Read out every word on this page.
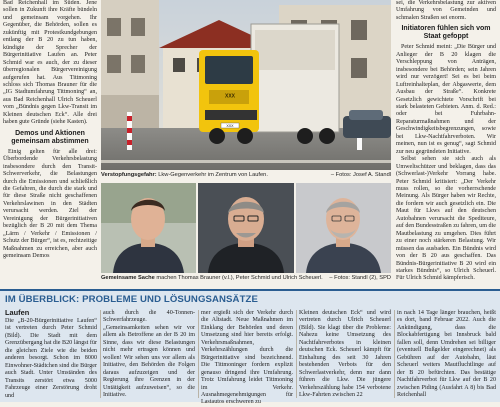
Bad Reichenhall im Süden. Jene sollen in Zukunft ihre Kräfte bündeln und gemeinsam vorgehen. Ihr Gegenüber, die Behörden, sollen es zukünftig mit Protestkundgebungen entlang der B 20 zu tun haben, kündigte der Sprecher der Bürgerinitiative Laufen an. Peter Schmid war es auch, der zu dieser überregionalen Bürgervereinigung aufgerufen hat. Aus Tittmoning schloss sich Thomas Brauner für die „IG Stadtumfahrung Tittmoning“ an, aus Bad Reichenhall Ulrich Scheuerl vom „Bündnis gegen Lkw-Transit im Kleinen deutschen Eck“. Alle drei haben gute Gründe (siehe Kasten).

Demos und Aktionen gemeinsam abstimmen

Einig gelten für alle drei: Überbordende Verkehrsbelastung insbesondere durch den Transit-Schwerverkehr, die Belastungen durch die Emissionen und schließlich die Gefahren, die durch die stark und für diese Straße nicht geschaffenen Verkehrslawinen in den Städten verursacht werden. Ziel der Vereinigung der Bürgerinitiativen bezüglich der B 20 mit dem Thema „Lärm / Verkehr / Emissionen / Schutz der Bürger“, ist es, rechtzeitige Maßnahmen zu erreichen, aber auch gemeinsam Demos

XXX
XXX
Verstopfungsgefahr: Lkw-Gegenverkehr im Zentrum von Laufen.	– Fotos: Josef A. Standl
Gemeinsame Sache machen Thomas Brauner (v.l.), Peter Schmid und Ulrich Scheuerl. – Fotos: Standl (2), SPD

sei, die Verkehrsbelastung zur aktiven Umfahrung von Gemeinden und schmalen Straßen sei enorm.

Initiatoren fühlen sich vom Staat gefoppt

Peter Schmid meint: „Die Bürger und Anlieger der B 20 klagen die Verschleppung von Anträgen, insbesondere bei Behörden; sein Jahren wird nur verzögert! Sei es bei beim Luftreinhalteplan, der Abgaswerte, dem Ausbau der Straße“. Konkrete Gesetzlich gewichtete Vorschrift bei stark belasteten Gebieten. Anm. d. Red.: oder bei Fuhrbahn-Reparaturmaßnahmen und der Geschwindigkeitsbegrenzungen, sowie bei Lkw-Nachtfahrverboten. Wir meinen, nun ist es genug“, sagt Schmid zur neu gegründeten Initiative.

Selbst sehen sie sich auch als Umweltschützer und beklagen, dass das (Schwerlast-)Verkehr Vorrang habe. Peter Schmid kritisiert: „Der Verkehr muss rollen, so die vorherrschende Meinung. Als Bürger haben wir Rechte, die fordern wir auch gesetzlich ein. Die Maut für Lkws auf den deutschen Autobahnen verursacht die Spediteure, auf den Bundesstraßen zu fahren, um die Mautbelastung zu umgehen. Dies führt zu einer noch stärkeren Belastung. Wir müssen das ausbaden. Ein Bündnis wird von der B 20 aus geschaffen. Das Bündnis-Bürgerinitiative B 20 wird ein starkes Bündnis“, so Ulrich Scheuerl. Für Ulrich Schmid kämpferisch.

IM ÜBERBLICK: PROBLEME UND LÖSUNGSANSÄTZE
Laufen
Die „B-20-Bürgerinitiative Laufen“ ist vertreten durch Peter Schmid (Bild). Die Stadt mit dem Grenzübergang hat die B20 längst für die gleichen Ziele wie die beiden anderen besorgt. Schon im 8000 Einwohner-Städtchen sind die Bürger auch Stadt. Unter Umständen des Transits zerstört etwa 5000 Fahrzeuge einer Zerstörung droht und
auch durch die 40-Tonnen-Schwerfahrzeuge. „Gemeinsamkeiten sehen wir vor allem als Betroffene an der B 20 im Sinne, dass wir diese Belastungen nicht mehr ertragen können und wollen! Wir sehen uns vor allem als Initiative, den Behörden die Folgen daraus aufzuzeigen und der Regierung ihre Grenzen in der Untätigkeit aufzuweisen“, so die Initiative.
mer ergießt sich der Verkehr durch die Altstadt. Neue Maßnahmen im Einklang der Behörden und deren Umsetzung sind hier bereits erfolgt. Verkehrsmaßnahmen, Verkehrszählungen durch die Bürgerinitiative sind bezeichnend. Die Tittmoninger fordern explizit genauso dringend ihre Umfahrung. Trotz Umfahrung leidet Tittmoning im Verkehr. Ausnahmegenehmigungen für Lastautos erschweren zu
Kleinen deutschen Eck“ und wird vertreten durch Ulrich Scheuerl (Bild). Sie klagt über die Probleme: Nahezu keine Umsetzung des Nachtfahrverbotes in kleinen deutschen Eck. Scheuerl kämpft für Einhaltung des seit 30 Jahren bestehenden Verbots für den Schwerlastverkehr, denn nur dann führen die Lkw. Die jüngere Verkehrszählung habe 154 verbotene Lkw-Fahrten zwischen 22
in nach 14 Tage länger brauchen, heißt es dort, band Februar 2022. Auch die Ankündigung, dass die Blockabfertigung bei Innsbruck bald fallen soll, denn Umdrehen sei billiger (eventuell Bußgelder eingerechnet) als Gebühren auf der Autobahn, läut Scheuerl weiters Mautfluchtlinge auf der B 20 befürchten. Das bestätige Nachtfahrverbot für Lkw auf der B 20 zwischen Piding (Ausfahrt A 8) bis Bad Reichenhall
